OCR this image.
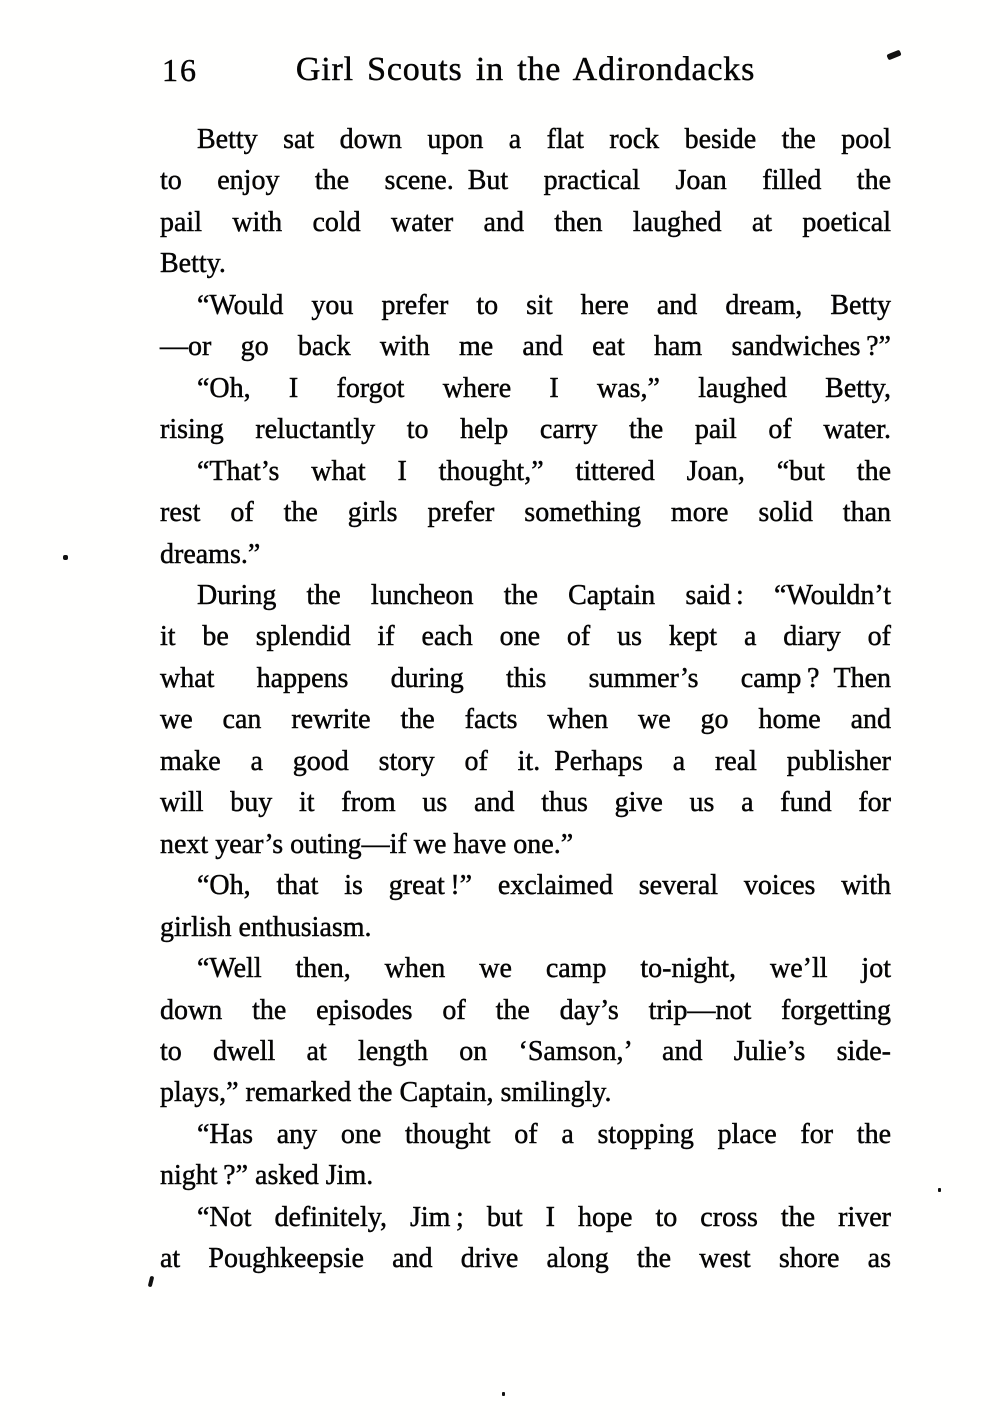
16	Girl Scouts in the Adirondacks
Betty sat down upon a flat rock beside the pool
to enjoy the scene. But practical Joan filled the
pail with cold water and then laughed at poetical
Betty.
“Would you prefer to sit here and dream, Betty
—or go back with me and eat ham sandwiches ?”
“Oh, I forgot where I was,” laughed Betty,
rising reluctantly to help carry the pail of water.
“That’s what I thought,” tittered Joan, “but the
rest of the girls prefer something more solid than
dreams.”
During the luncheon the Captain said : “Wouldn’t
it be splendid if each one of us kept a diary of
what happens during this summer’s camp ? Then
we can rewrite the facts when we go home and
make a good story of it. Perhaps a real publisher
will buy it from us and thus give us a fund for
next year’s outing—if we have one.”
“Oh, that is great !” exclaimed several voices with
girlish enthusiasm.
“Well then, when we camp to-night, we’ll jot
down the episodes of the day’s trip—not forgetting
to dwell at length on ‘Samson,’ and Julie’s side-
plays,” remarked the Captain, smilingly.
“Has any one thought of a stopping place for the
night ?” asked Jim.
“Not definitely, Jim ; but I hope to cross the river
at Poughkeepsie and drive along the west shore as
